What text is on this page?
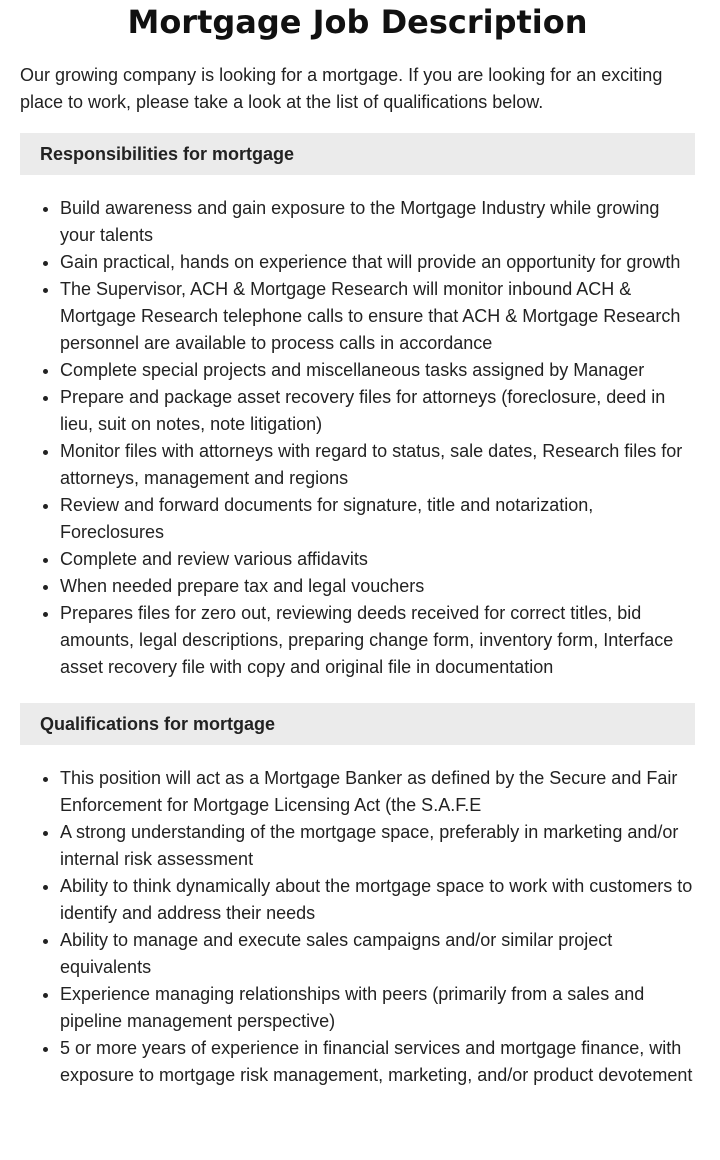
Mortgage Job Description

Our growing company is looking for a mortgage. If you are looking for an exciting place to work, please take a look at the list of qualifications below.

Responsibilities for mortgage
• Build awareness and gain exposure to the Mortgage Industry while growing your talents
• Gain practical, hands on experience that will provide an opportunity for growth
• The Supervisor, ACH & Mortgage Research will monitor inbound ACH & Mortgage Research telephone calls to ensure that ACH & Mortgage Research personnel are available to process calls in accordance
• Complete special projects and miscellaneous tasks assigned by Manager
• Prepare and package asset recovery files for attorneys (foreclosure, deed in lieu, suit on notes, note litigation)
• Monitor files with attorneys with regard to status, sale dates, Research files for attorneys, management and regions
• Review and forward documents for signature, title and notarization, Foreclosures
• Complete and review various affidavits
• When needed prepare tax and legal vouchers
• Prepares files for zero out, reviewing deeds received for correct titles, bid amounts, legal descriptions, preparing change form, inventory form, Interface asset recovery file with copy and original file in documentation
Qualifications for mortgage
• This position will act as a Mortgage Banker as defined by the Secure and Fair Enforcement for Mortgage Licensing Act (the S.A.F.E
• A strong understanding of the mortgage space, preferably in marketing and/or internal risk assessment
• Ability to think dynamically about the mortgage space to work with customers to identify and address their needs
• Ability to manage and execute sales campaigns and/or similar project equivalents
• Experience managing relationships with peers (primarily from a sales and pipeline management perspective)
• 5 or more years of experience in financial services and mortgage finance, with exposure to mortgage risk management, marketing, and/or product devotement
